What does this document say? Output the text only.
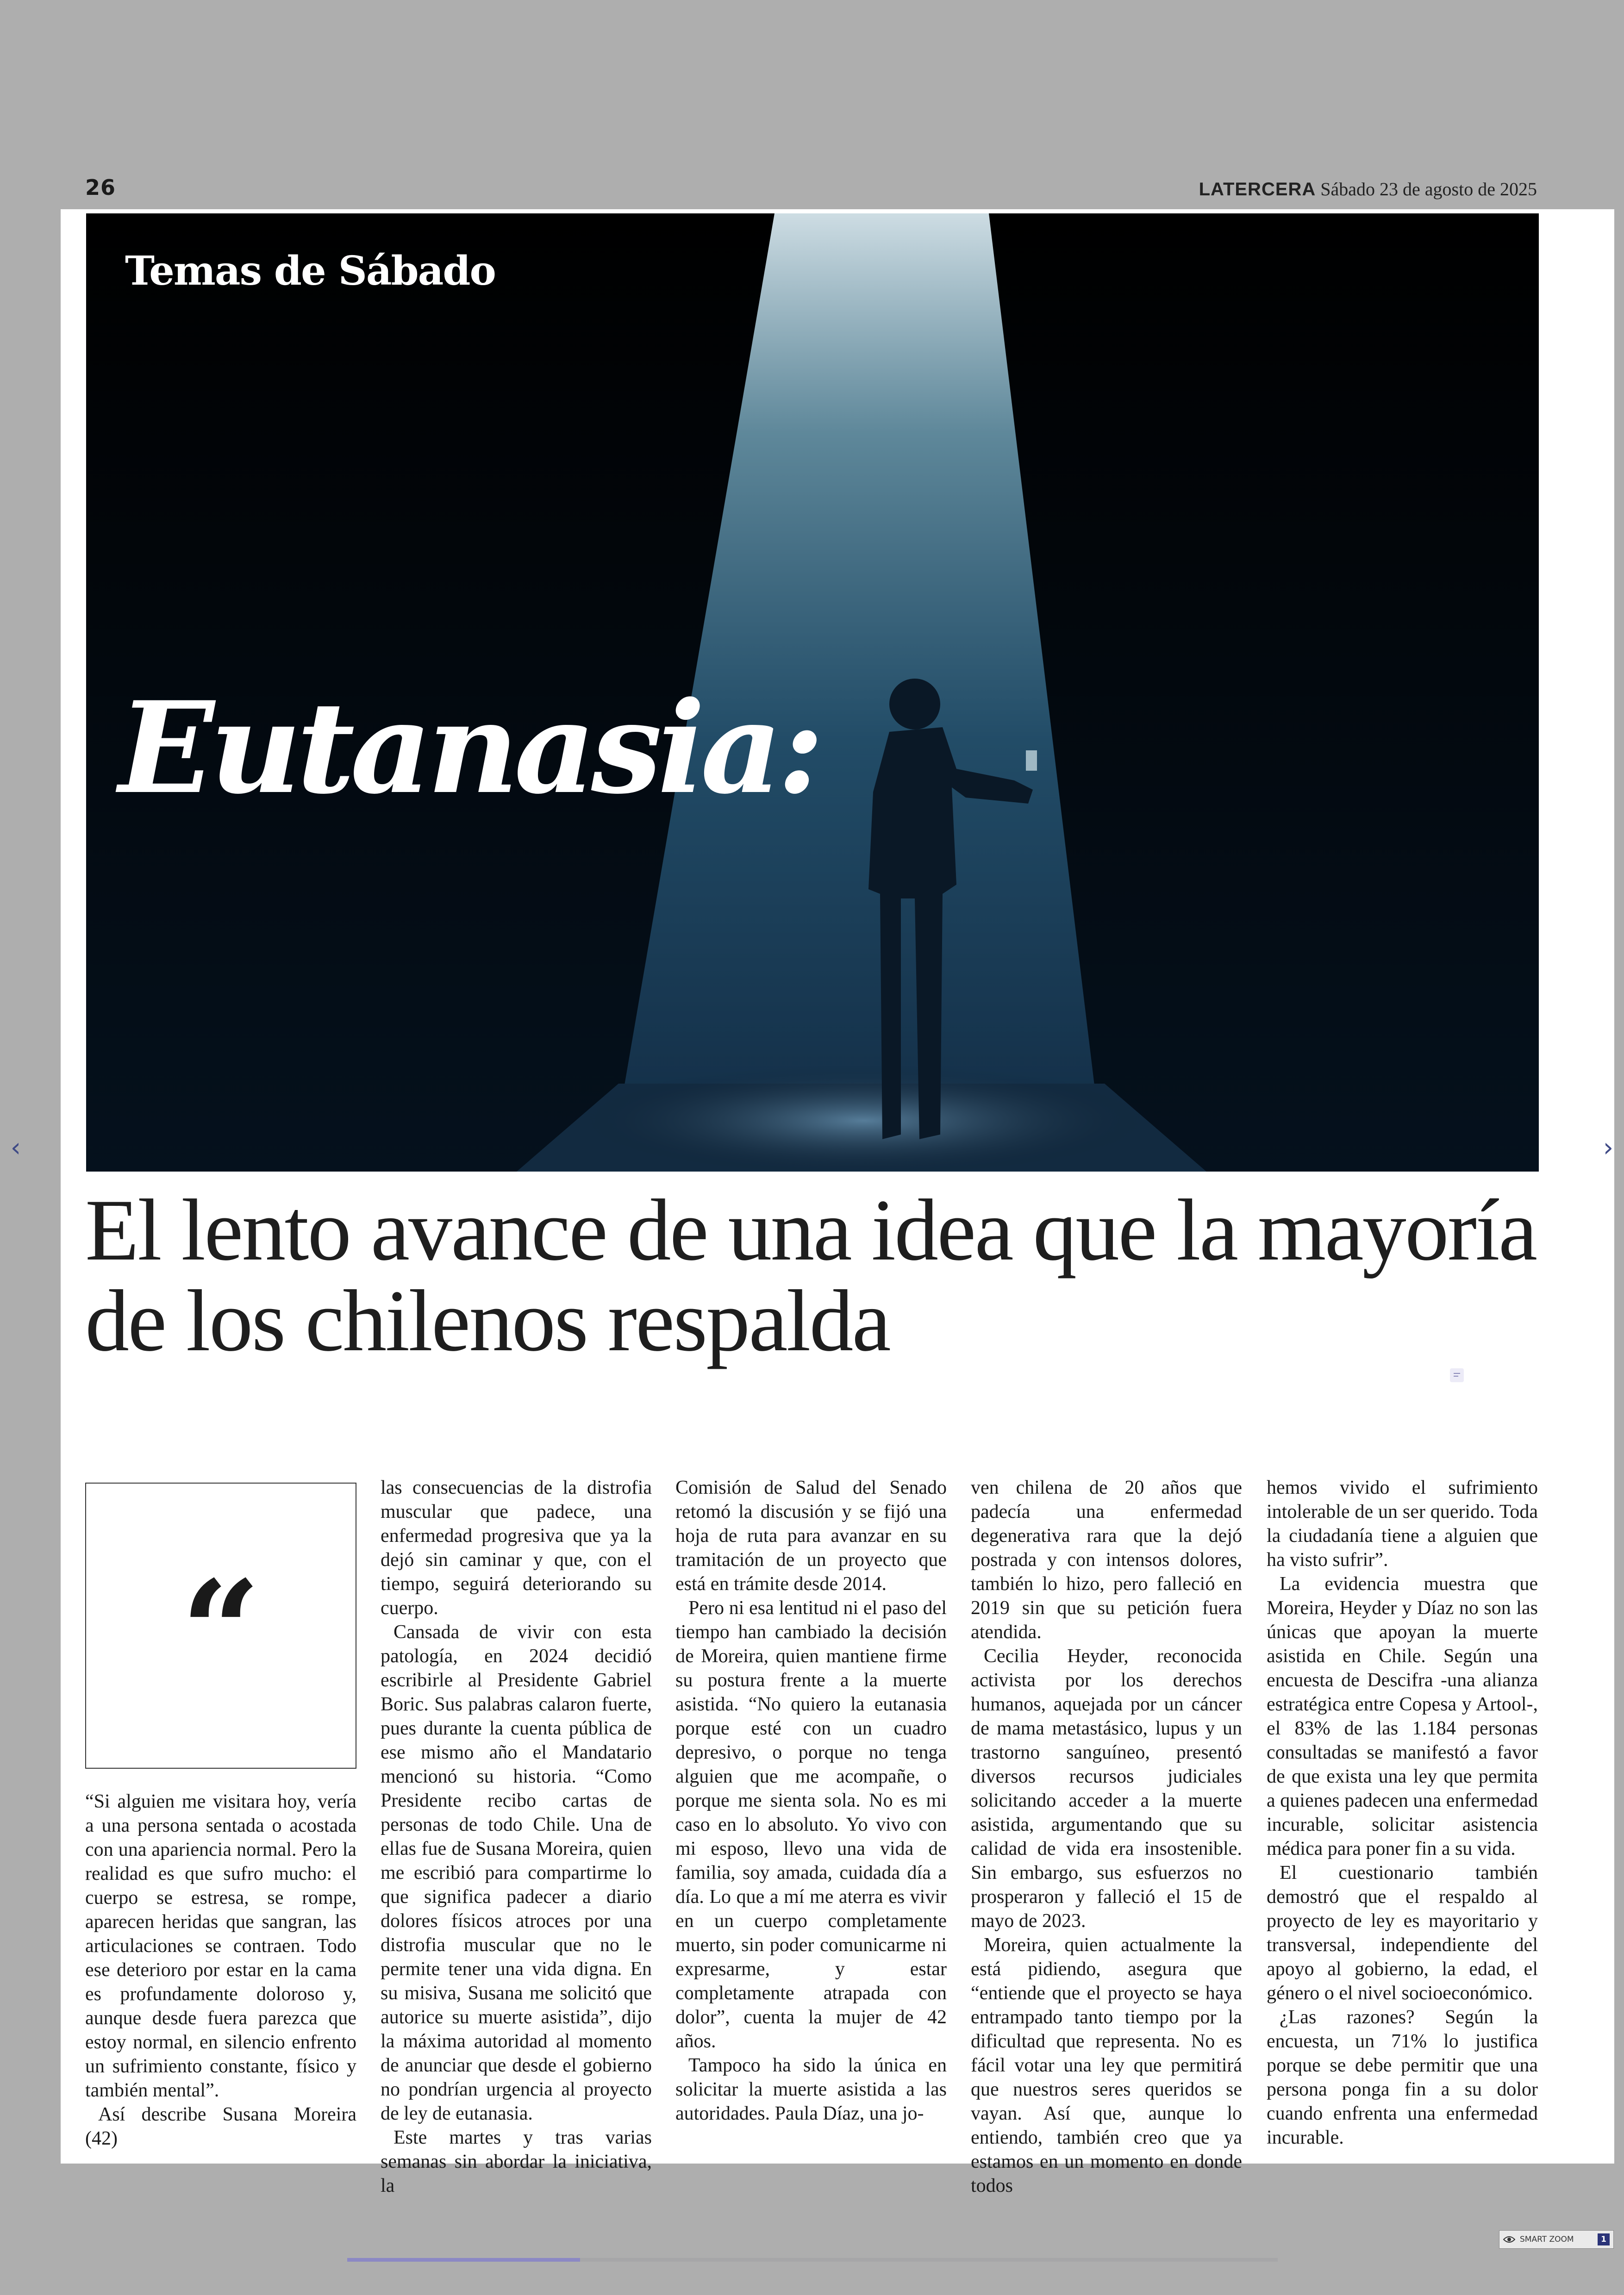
26	LATERCERA Sábado 23 de agosto de 2025
Temas de Sábado
Eutanasia:
El lento avance de una idea que la mayoría de los chilenos respalda
“

“Si alguien me visitara hoy, vería a una persona sentada o acostada con una apariencia normal. Pero la realidad es que sufro mucho: el cuerpo se estresa, se rompe, aparecen heridas que sangran, las articulaciones se contraen. Todo ese deterioro por estar en la cama es profundamente doloroso y, aunque desde fuera parezca que estoy normal, en silencio enfrento un sufrimiento constante, físico y también mental”.

Así describe Susana Moreira (42)

las consecuencias de la distrofia muscular que padece, una enfermedad progresiva que ya la dejó sin caminar y que, con el tiempo, seguirá deteriorando su cuerpo.

Cansada de vivir con esta patología, en 2024 decidió escribirle al Presidente Gabriel Boric. Sus palabras calaron fuerte, pues durante la cuenta pública de ese mismo año el Mandatario mencionó su historia. “Como Presidente recibo cartas de personas de todo Chile. Una de ellas fue de Susana Moreira, quien me escribió para compartirme lo que significa padecer a diario dolores físicos atroces por una distrofia muscular que no le permite tener una vida digna. En su misiva, Susana me solicitó que autorice su muerte asistida”, dijo la máxima autoridad al momento de anunciar que desde el gobierno no pondrían urgencia al proyecto de ley de eutanasia.

Este martes y tras varias semanas sin abordar la iniciativa, la

Comisión de Salud del Senado retomó la discusión y se fijó una hoja de ruta para avanzar en su tramitación de un proyecto que está en trámite desde 2014.

Pero ni esa lentitud ni el paso del tiempo han cambiado la decisión de Moreira, quien mantiene firme su postura frente a la muerte asistida. “No quiero la eutanasia porque esté con un cuadro depresivo, o porque no tenga alguien que me acompañe, o porque me sienta sola. No es mi caso en lo absoluto. Yo vivo con mi esposo, llevo una vida de familia, soy amada, cuidada día a día. Lo que a mí me aterra es vivir en un cuerpo completamente muerto, sin poder comunicarme ni expresarme, y estar completamente atrapada con dolor”, cuenta la mujer de 42 años.

Tampoco ha sido la única en solicitar la muerte asistida a las autoridades. Paula Díaz, una jo-

ven chilena de 20 años que padecía una enfermedad degenerativa rara que la dejó postrada y con intensos dolores, también lo hizo, pero falleció en 2019 sin que su petición fuera atendida.

Cecilia Heyder, reconocida activista por los derechos humanos, aquejada por un cáncer de mama metastásico, lupus y un trastorno sanguíneo, presentó diversos recursos judiciales solicitando acceder a la muerte asistida, argumentando que su calidad de vida era insostenible. Sin embargo, sus esfuerzos no prosperaron y falleció el 15 de mayo de 2023.

Moreira, quien actualmente la está pidiendo, asegura que “entiende que el proyecto se haya entrampado tanto tiempo por la dificultad que representa. No es fácil votar una ley que permitirá que nuestros seres queridos se vayan. Así que, aunque lo entiendo, también creo que ya estamos en un momento en donde todos

hemos vivido el sufrimiento intolerable de un ser querido. Toda la ciudadanía tiene a alguien que ha visto sufrir”.

La evidencia muestra que Moreira, Heyder y Díaz no son las únicas que apoyan la muerte asistida en Chile. Según una encuesta de Descifra -una alianza estratégica entre Copesa y Artool-, el 83% de las 1.184 personas consultadas se manifestó a favor de que exista una ley que permita a quienes padecen una enfermedad incurable, solicitar asistencia médica para poner fin a su vida.

El cuestionario también demostró que el respaldo al proyecto de ley es mayoritario y transversal, independiente del apoyo al gobierno, la edad, el género o el nivel socioeconómico.

¿Las razones? Según la encuesta, un 71% lo justifica porque se debe permitir que una persona ponga fin a su dolor cuando enfrenta una enfermedad incurable.

‹	›
SMART ZOOM	1
